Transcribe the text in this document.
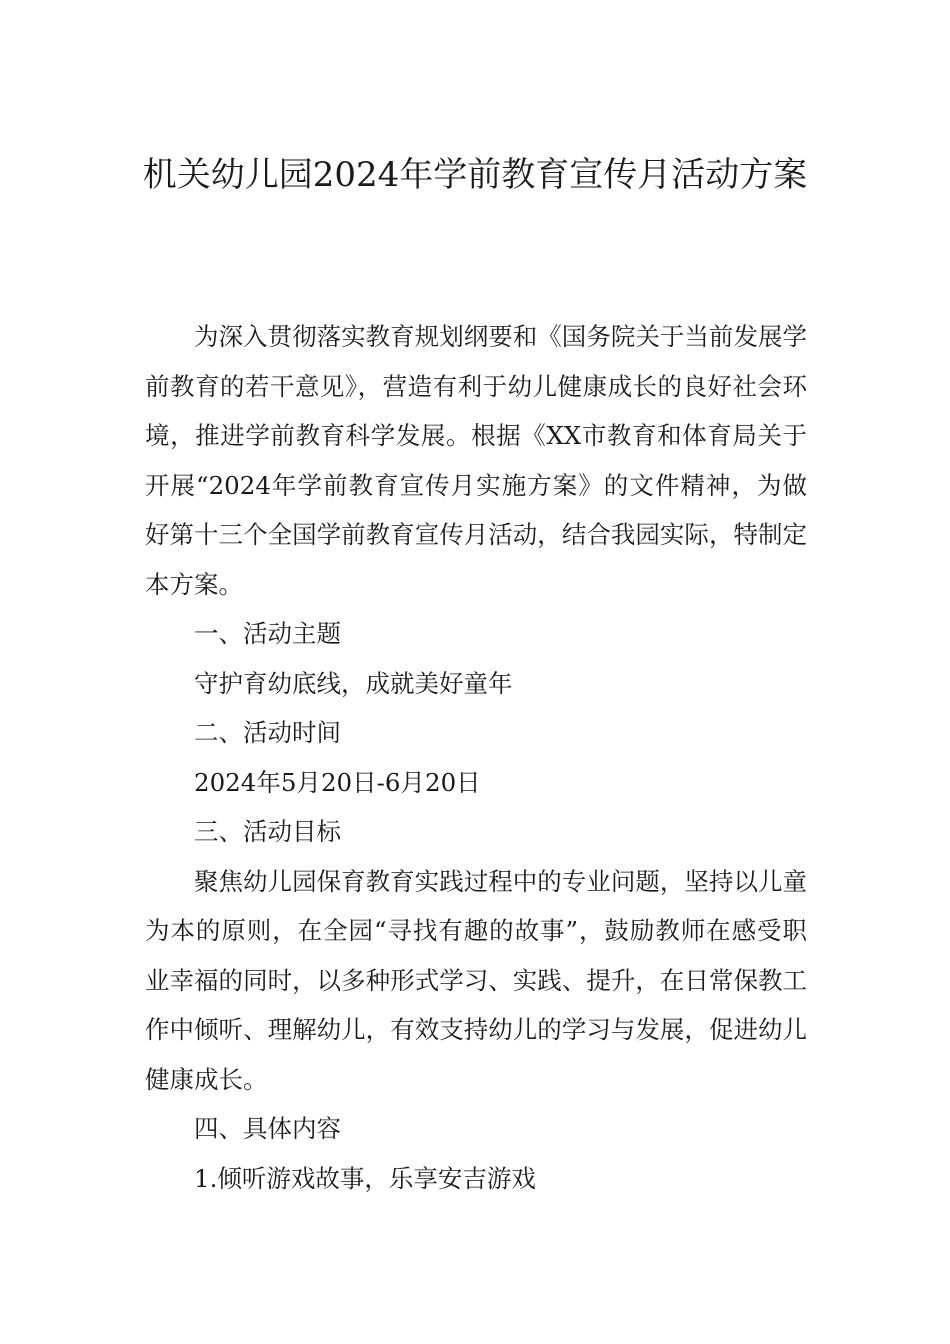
机关幼儿园2024年学前教育宣传月活动方案

为深入贯彻落实教育规划纲要和《国务院关于当前发展学前教育的若干意见》，营造有利于幼儿健康成长的良好社会环境，推进学前教育科学发展。根据《XX市教育和体育局关于开展“2024年学前教育宣传月实施方案》的文件精神，为做好第十三个全国学前教育宣传月活动，结合我园实际，特制定本方案。

一、活动主题

守护育幼底线，成就美好童年

二、活动时间

2024年5月20日-6月20日

三、活动目标

聚焦幼儿园保育教育实践过程中的专业问题，坚持以儿童为本的原则，在全园“寻找有趣的故事”，鼓励教师在感受职业幸福的同时，以多种形式学习、实践、提升，在日常保教工作中倾听、理解幼儿，有效支持幼儿的学习与发展，促进幼儿健康成长。

四、具体内容

1.倾听游戏故事，乐享安吉游戏
